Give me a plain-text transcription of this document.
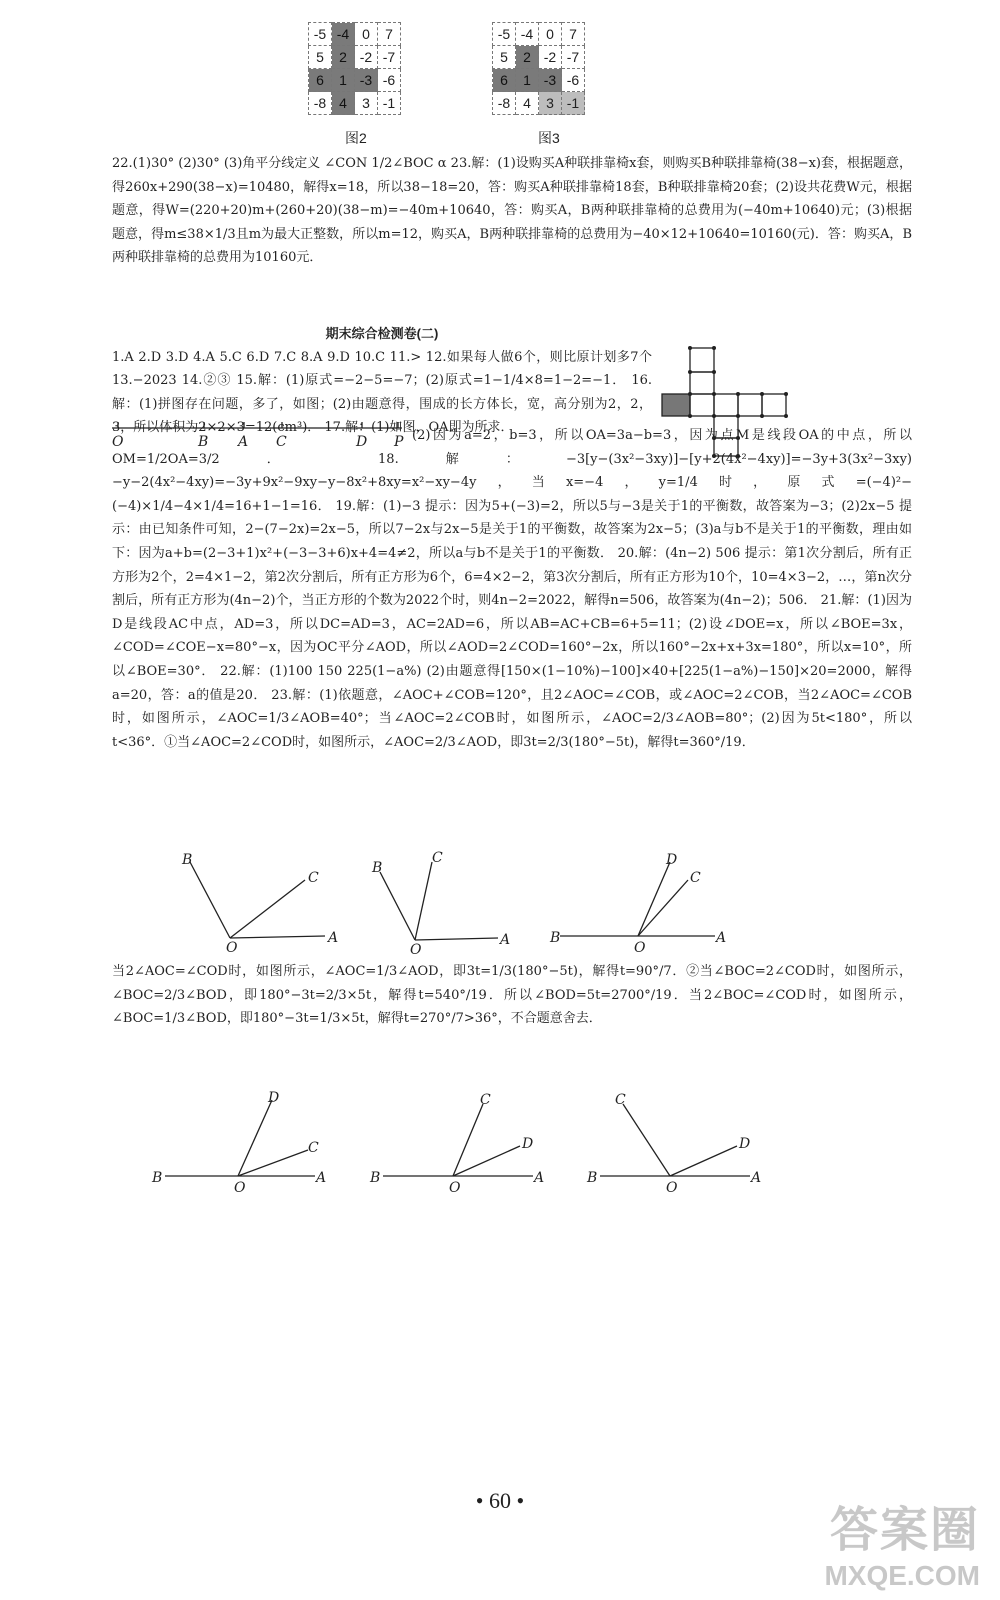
-5	-4	0	7
5	2	-2	-7
6	1	-3	-6
-8	4	3	-1
图2
-5	-4	0	7
5	2	-2	-7
6	1	-3	-6
-8	4	3	-1
图3

22.(1)30° (2)30° (3)角平分线定义 ∠CON 1/2∠BOC α 23.解：(1)设购买A种联排靠椅x套，则购买B种联排靠椅(38−x)套，根据题意，得260x+290(38−x)=10480，解得x=18，所以38−18=20，答：购买A种联排靠椅18套，B种联排靠椅20套；(2)设共花费W元，根据题意，得W=(220+20)m+(260+20)(38−m)=−40m+10640，答：购买A，B两种联排靠椅的总费用为(−40m+10640)元；(3)根据题意，得m≤38×1/3且m为最大正整数，所以m=12，购买A，B两种联排靠椅的总费用为−40×12+10640=10160(元)．答：购买A，B两种联排靠椅的总费用为10160元．

期末综合检测卷(二)

1.A 2.D 3.D 4.A 5.C 6.D 7.C 8.A 9.D 10.C 11.> 12.如果每人做6个，则比原计划多7个 13.−2023 14.②③ 15.解：(1)原式=−2−5=−7；(2)原式=1−1/4×8=1−2=−1． 16.解：(1)拼图存在问题，多了，如图；(2)由题意得，围成的长方体长，宽，高分别为2，2，3，所以体积为2×2×3=12(cm³)． 17.解：(1)如图，OA即为所求．

O	B A C	D P (2)因为a=2，b=3，所以OA=3a−b=3，因为点M是线段OA的中点，所以OM=1/2OA=3/2． 18.解：−3[y−(3x²−3xy)]−[y+2(4x²−4xy)]=−3y+3(3x²−3xy)−y−2(4x²−4xy)=−3y+9x²−9xy−y−8x²+8xy=x²−xy−4y，当x=−4，y=1/4时，原式=(−4)²−(−4)×1/4−4×1/4=16+1−1=16． 19.解：(1)−3 提示：因为5+(−3)=2，所以5与−3是关于1的平衡数，故答案为−3；(2)2x−5 提示：由已知条件可知，2−(7−2x)=2x−5，所以7−2x与2x−5是关于1的平衡数，故答案为2x−5；(3)a与b不是关于1的平衡数，理由如下：因为a+b=(2−3+1)x²+(−3−3+6)x+4=4≠2，所以a与b不是关于1的平衡数． 20.解：(4n−2) 506 提示：第1次分割后，所有正方形为2个，2=4×1−2，第2次分割后，所有正方形为6个，6=4×2−2，第3次分割后，所有正方形为10个，10=4×3−2，…，第n次分割后，所有正方形为(4n−2)个，当正方形的个数为2022个时，则4n−2=2022，解得n=506，故答案为(4n−2)；506． 21.解：(1)因为D是线段AC中点，AD=3，所以DC=AD=3，AC=2AD=6，所以AB=AC+CB=6+5=11；(2)设∠DOE=x，所以∠BOE=3x，∠COD=∠COE−x=80°−x，因为OC平分∠AOD，所以∠AOD=2∠COD=160°−2x，所以160°−2x+x+3x=180°，所以x=10°，所以∠BOE=30°． 22.解：(1)100 150 225(1−a%) (2)由题意得[150×(1−10%)−100]×40+[225(1−a%)−150]×20=2000，解得a=20，答：a的值是20． 23.解：(1)依题意，∠AOC+∠COB=120°，且2∠AOC=∠COB，或∠AOC=2∠COB，当2∠AOC=∠COB时，如图所示，∠AOC=1/3∠AOB=40°；当∠AOC=2∠COB时，如图所示，∠AOC=2/3∠AOB=80°；(2)因为5t<180°，所以t<36°．①当∠AOC=2∠COD时，如图所示，∠AOC=2/3∠AOD，即3t=2/3(180°−5t)，解得t=360°/19．

B
C
O
A
B
C
O
A
D
C
B
O
A

当2∠AOC=∠COD时，如图所示，∠AOC=1/3∠AOD，即3t=1/3(180°−5t)，解得t=90°/7．②当∠BOC=2∠COD时，如图所示，∠BOC=2/3∠BOD，即180°−3t=2/3×5t，解得t=540°/19．所以∠BOD=5t=2700°/19．当2∠BOC=∠COD时，如图所示，∠BOC=1/3∠BOD，即180°−3t=1/3×5t，解得t=270°/7>36°，不合题意舍去．

D
C
B
O
A
C
D
B
O
A
C
D
B
O
A
• 60 •
答案圈
MXQE.COM
